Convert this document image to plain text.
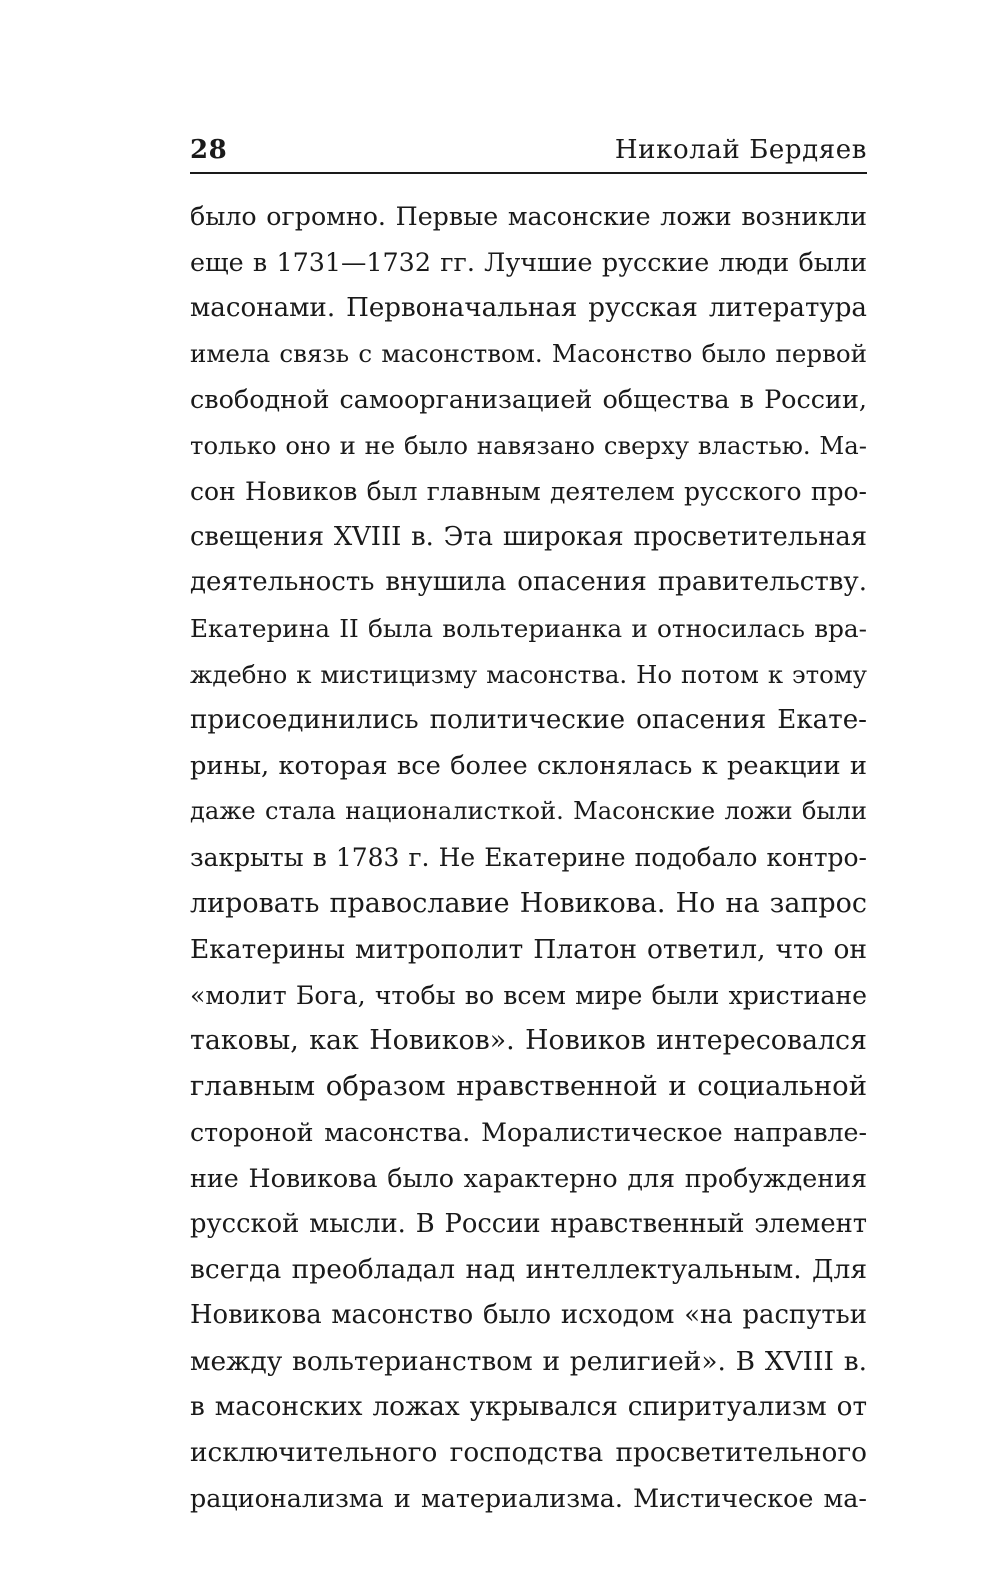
28	Николай Бердяев
было огромно. Первые масонские ложи возникли
еще в 1731—1732 гг. Лучшие русские люди были
масонами. Первоначальная русская литература
имела связь с масонством. Масонство было первой
свободной самоорганизацией общества в России,
только оно и не было навязано сверху властью. Ма-
сон Новиков был главным деятелем русского про-
свещения XVIII в. Эта широкая просветительная
деятельность внушила опасения правительству.
Екатерина II была вольтерианка и относилась вра-
ждебно к мистицизму масонства. Но потом к этому
присоединились политические опасения Екате-
рины, которая все более склонялась к реакции и
даже стала националисткой. Масонские ложи были
закрыты в 1783 г. Не Екатерине подобало контро-
лировать православие Новикова. Но на запрос
Екатерины митрополит Платон ответил, что он
«молит Бога, чтобы во всем мире были христиане
таковы, как Новиков». Новиков интересовался
главным образом нравственной и социальной
стороной масонства. Моралистическое направле-
ние Новикова было характерно для пробуждения
русской мысли. В России нравственный элемент
всегда преобладал над интеллектуальным. Для
Новикова масонство было исходом «на распутьи
между вольтерианством и религией». В XVIII в.
в масонских ложах укрывался спиритуализм от
исключительного господства просветительного
рационализма и материализма. Мистическое ма-
